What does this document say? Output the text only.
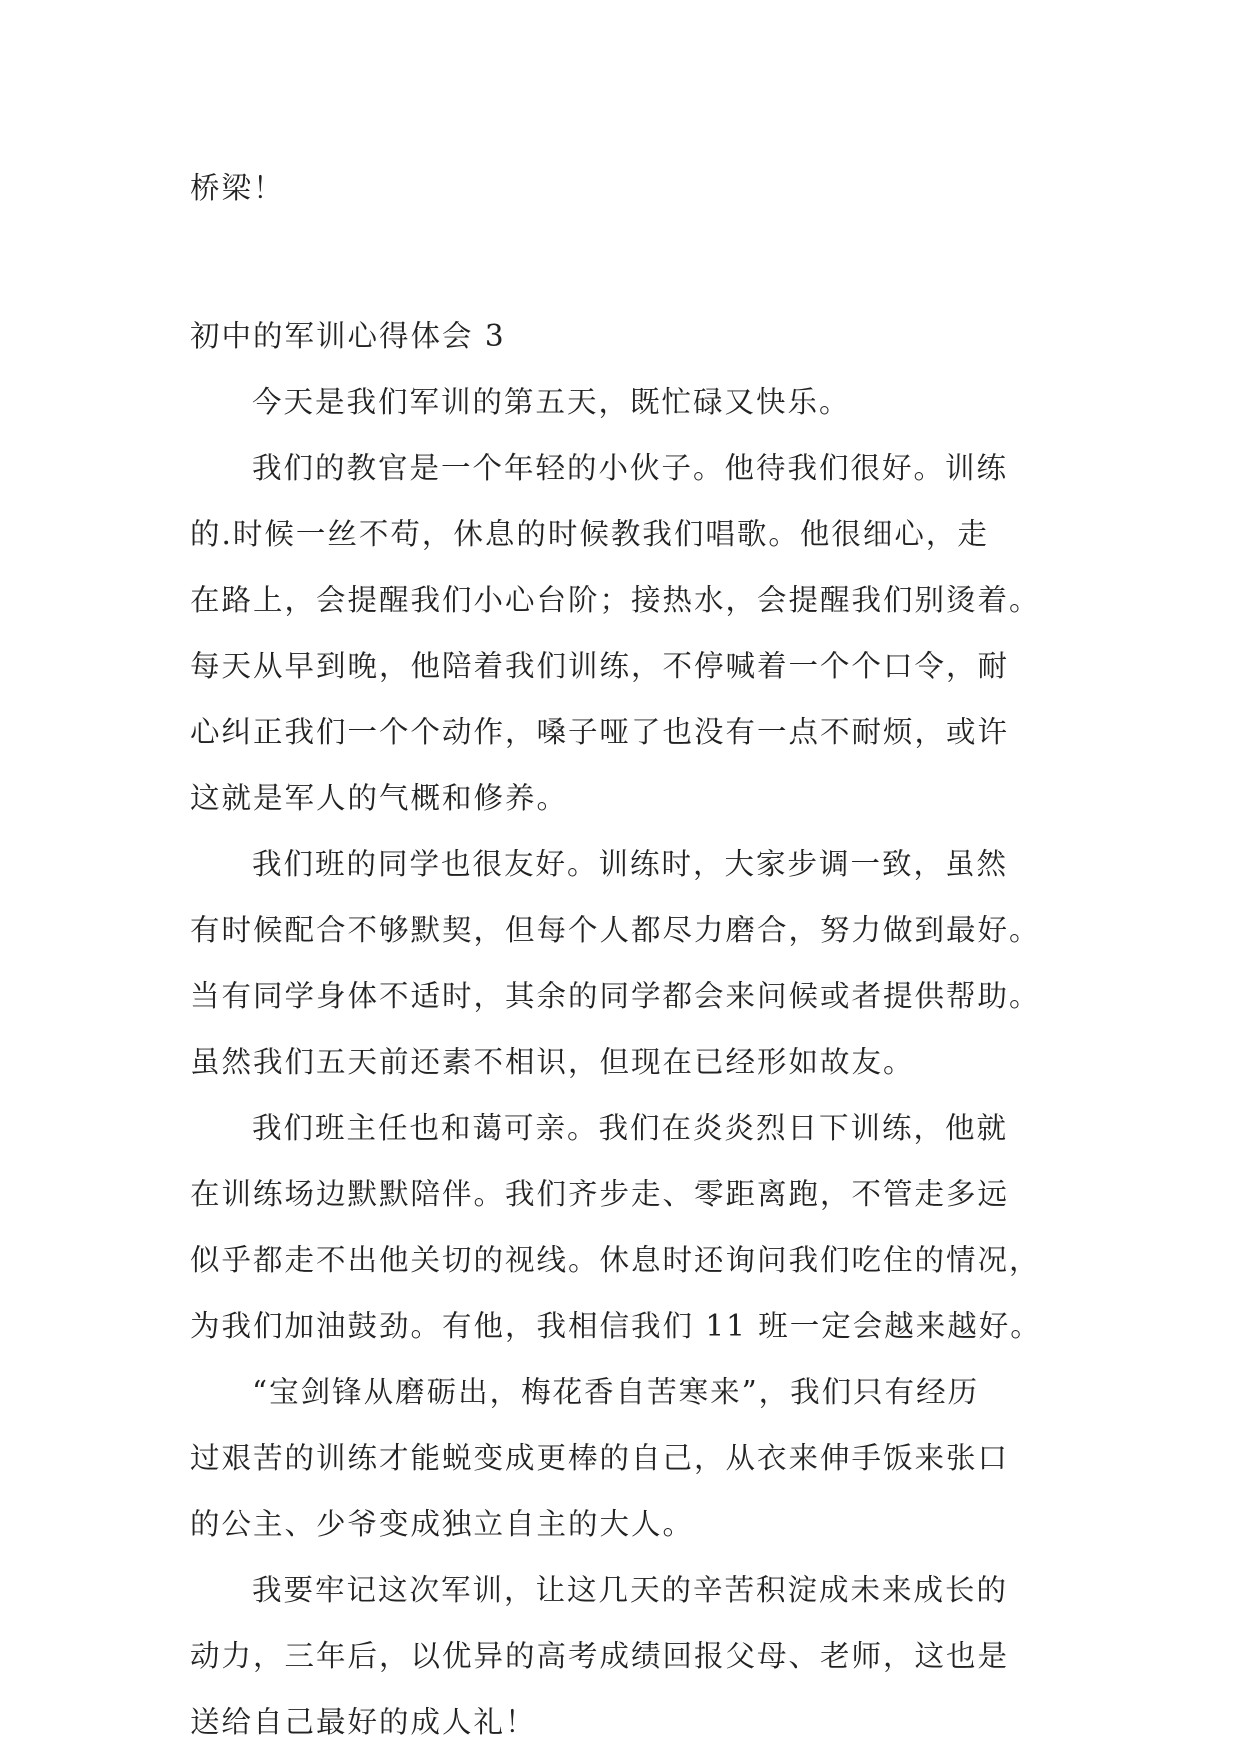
桥梁！
初中的军训心得体会 3
今天是我们军训的第五天，既忙碌又快乐。
我们的教官是一个年轻的小伙子。他待我们很好。训练
的.时候一丝不苟，休息的时候教我们唱歌。他很细心，走
在路上，会提醒我们小心台阶；接热水，会提醒我们别烫着。
每天从早到晚，他陪着我们训练，不停喊着一个个口令，耐
心纠正我们一个个动作，嗓子哑了也没有一点不耐烦，或许
这就是军人的气概和修养。
我们班的同学也很友好。训练时，大家步调一致，虽然
有时候配合不够默契，但每个人都尽力磨合，努力做到最好。
当有同学身体不适时，其余的同学都会来问候或者提供帮助。
虽然我们五天前还素不相识，但现在已经形如故友。
我们班主任也和蔼可亲。我们在炎炎烈日下训练，他就
在训练场边默默陪伴。我们齐步走、零距离跑，不管走多远
似乎都走不出他关切的视线。休息时还询问我们吃住的情况，
为我们加油鼓劲。有他，我相信我们 11 班一定会越来越好。
“宝剑锋从磨砺出，梅花香自苦寒来”，我们只有经历
过艰苦的训练才能蜕变成更棒的自己，从衣来伸手饭来张口
的公主、少爷变成独立自主的大人。
我要牢记这次军训，让这几天的辛苦积淀成未来成长的
动力，三年后，以优异的高考成绩回报父母、老师，这也是
送给自己最好的成人礼！
